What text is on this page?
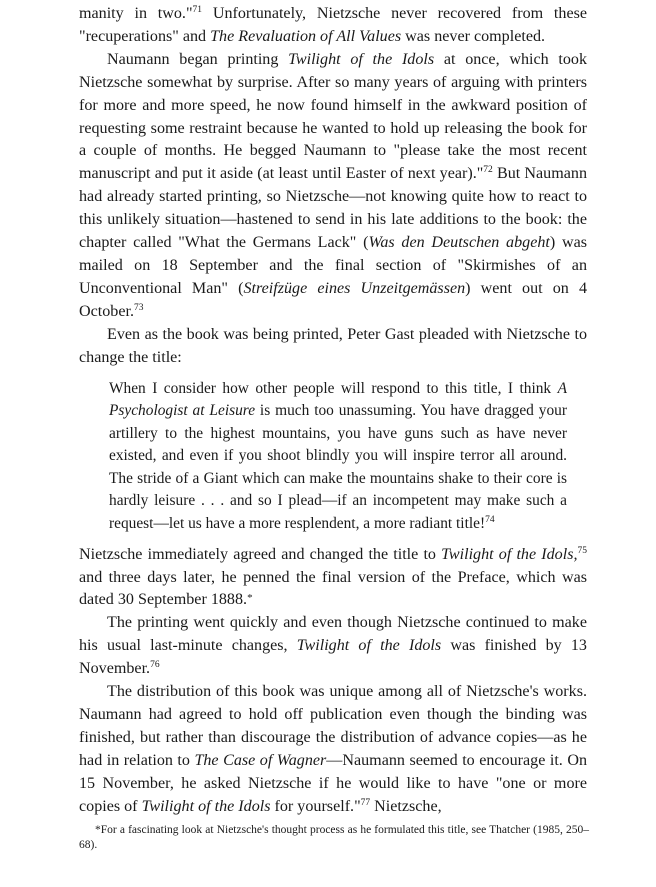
manity in two."$^{71}$ Unfortunately, Nietzsche never recovered from these "recuperations" and The Revaluation of All Values was never completed.

Naumann began printing Twilight of the Idols at once, which took Nietzsche somewhat by surprise. After so many years of arguing with printers for more and more speed, he now found himself in the awkward position of requesting some restraint because he wanted to hold up releasing the book for a couple of months. He begged Naumann to "please take the most recent manuscript and put it aside (at least until Easter of next year)."$^{72}$ But Naumann had already started printing, so Nietzsche—not knowing quite how to react to this unlikely situation—hastened to send in his late additions to the book: the chapter called "What the Germans Lack" (Was den Deutschen abgeht) was mailed on 18 September and the final section of "Skirmishes of an Unconventional Man" (Streifzüge eines Unzeitgemässen) went out on 4 October.$^{73}$

Even as the book was being printed, Peter Gast pleaded with Nietzsche to change the title:

When I consider how other people will respond to this title, I think A Psychologist at Leisure is much too unassuming. You have dragged your artillery to the highest mountains, you have guns such as have never existed, and even if you shoot blindly you will inspire terror all around. The stride of a Giant which can make the mountains shake to their core is hardly leisure . . . and so I plead—if an incompetent may make such a request—let us have a more resplendent, a more radiant title!$^{74}$

Nietzsche immediately agreed and changed the title to Twilight of the Idols,$^{75}$ and three days later, he penned the final version of the Preface, which was dated 30 September 1888.*

The printing went quickly and even though Nietzsche continued to make his usual last-minute changes, Twilight of the Idols was finished by 13 November.$^{76}$

The distribution of this book was unique among all of Nietzsche's works. Naumann had agreed to hold off publication even though the binding was finished, but rather than discourage the distribution of advance copies—as he had in relation to The Case of Wagner—Naumann seemed to encourage it. On 15 November, he asked Nietzsche if he would like to have "one or more copies of Twilight of the Idols for yourself."$^{77}$ Nietzsche,

*For a fascinating look at Nietzsche's thought process as he formulated this title, see Thatcher (1985, 250–68).
